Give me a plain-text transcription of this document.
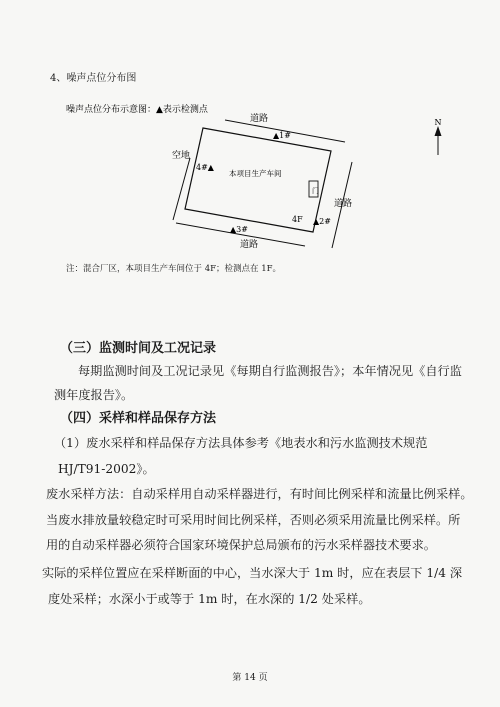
4、噪声点位分布图
噪声点位分布示意图：▲表示检测点
门
道路
道路
道路
空地
本项目生产车间
4F
▲1#
▲2#
▲3#
4#▲
N
注：混合厂区，本项目生产车间位于 4F；检测点在 1F。
（三）监测时间及工况记录
每期监测时间及工况记录见《每期自行监测报告》；本年情况见《自行监
测年度报告》。
（四）采样和样品保存方法
（1）废水采样和样品保存方法具体参考《地表水和污水监测技术规范
HJ/T91-2002》。
废水采样方法：自动采样用自动采样器进行，有时间比例采样和流量比例采样。
当废水排放量较稳定时可采用时间比例采样，否则必须采用流量比例采样。所
用的自动采样器必须符合国家环境保护总局颁布的污水采样器技术要求。
实际的采样位置应在采样断面的中心，当水深大于 1m 时，应在表层下 1/4 深
度处采样；水深小于或等于 1m 时，在水深的 1/2 处采样。
第 14 页
